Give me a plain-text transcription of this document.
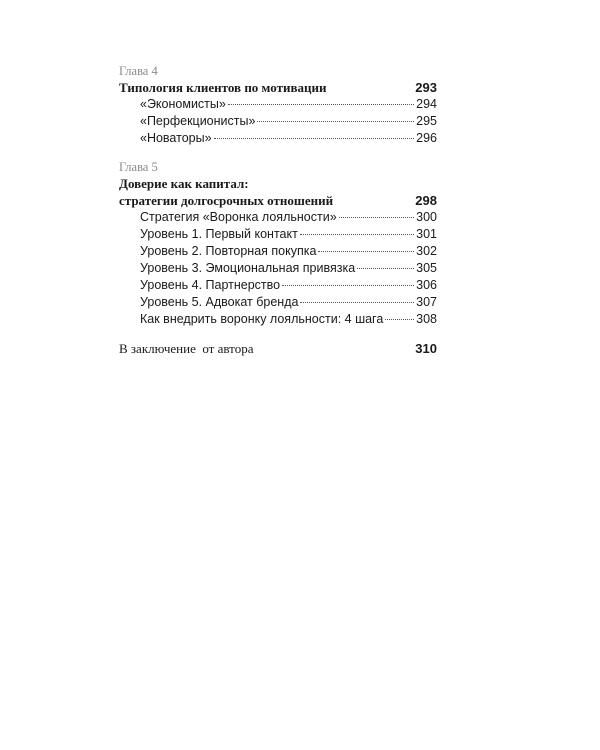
Глава 4
Типология клиентов по мотивации	293
«Экономисты»	294
«Перфекционисты»	295
«Новаторы»	296
Глава 5
Доверие как капитал:
стратегии долгосрочных отношений	298
Стратегия «Воронка лояльности»	300
Уровень 1. Первый контакт	301
Уровень 2. Повторная покупка	302
Уровень 3. Эмоциональная привязка	305
Уровень 4. Партнерство	306
Уровень 5. Адвокат бренда	307
Как внедрить воронку лояльности: 4 шага	308
В заключение  от автора	310
